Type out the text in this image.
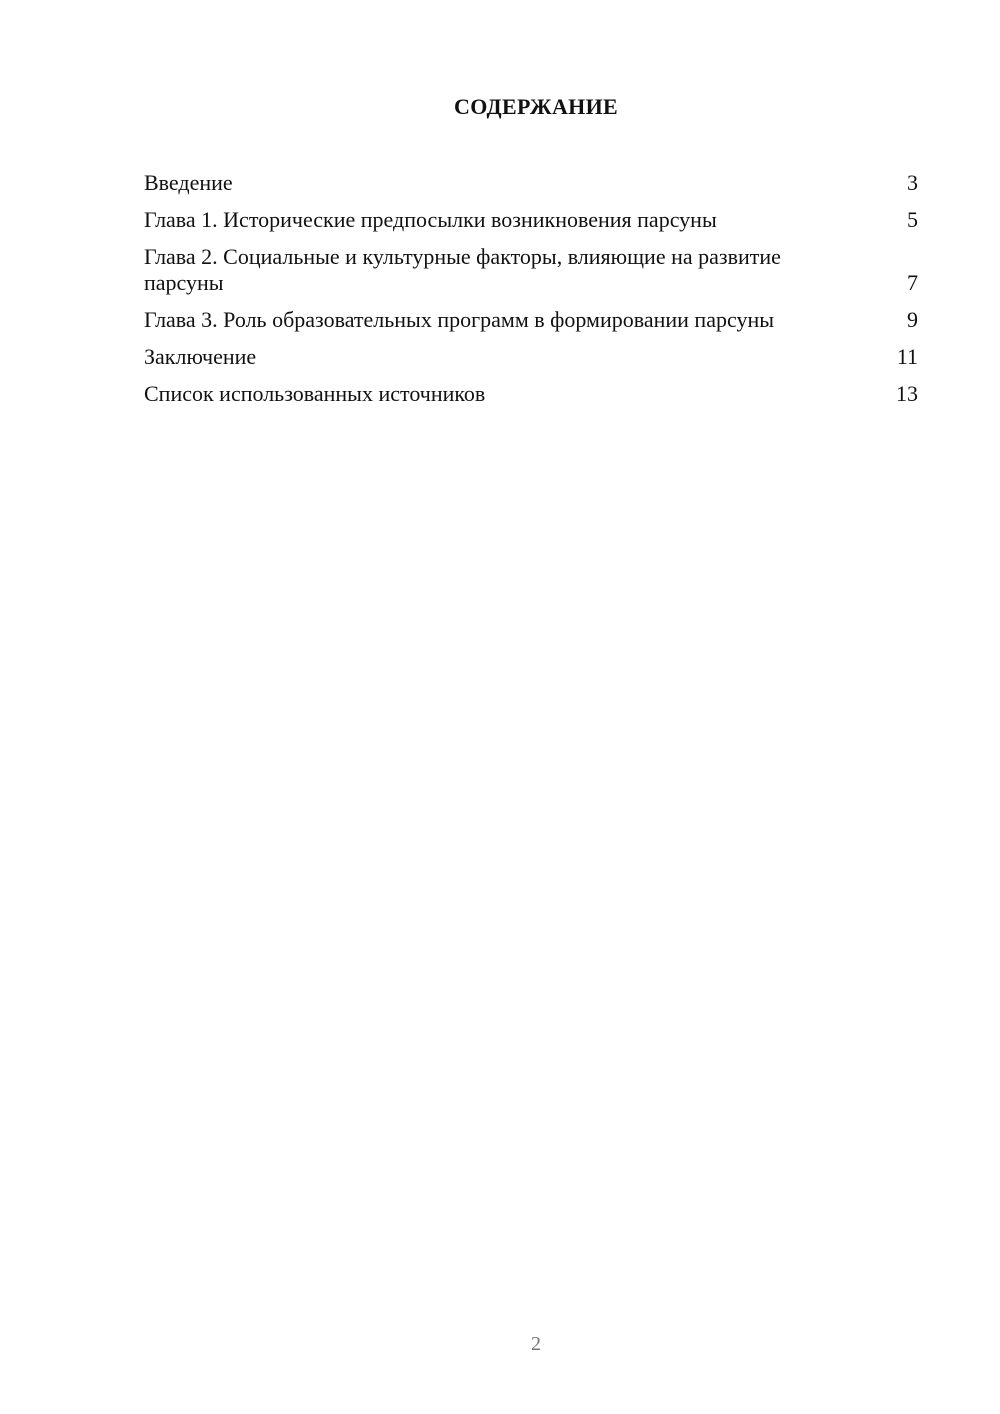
СОДЕРЖАНИЕ
Введение	3
Глава 1. Исторические предпосылки возникновения парсуны	5
Глава 2. Социальные и культурные факторы, влияющие на развитие парсуны	7
Глава 3. Роль образовательных программ в формировании парсуны	9
Заключение	11
Список использованных источников	13
2
